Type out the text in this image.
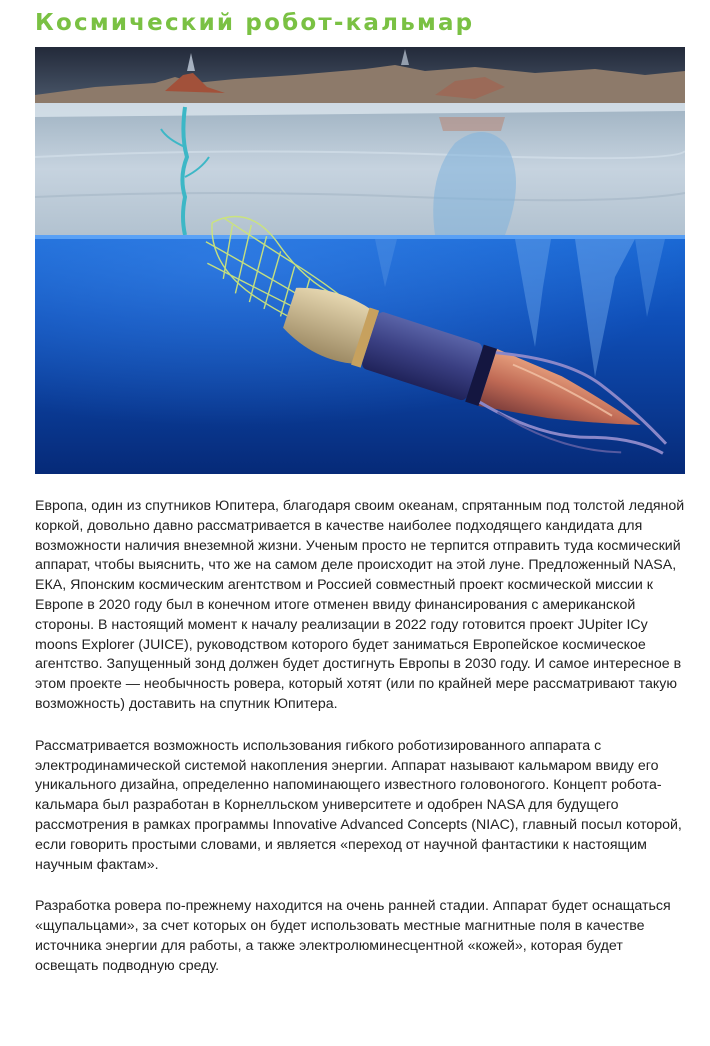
Космический робот-кальмар

Европа, один из спутников Юпитера, благодаря своим океанам, спрятанным под толстой ледяной коркой, довольно давно рассматривается в качестве наиболее подходящего кандидата для возможности наличия внеземной жизни. Ученым просто не терпится отправить туда космический аппарат, чтобы выяснить, что же на самом деле происходит на этой луне. Предложенный NASA, ЕКА, Японским космическим агентством и Россией совместный проект космической миссии к Европе в 2020 году был в конечном итоге отменен ввиду финансирования с американской стороны. В настоящий момент к началу реализации в 2022 году готовится проект JUpiter ICy moons Explorer (JUICE), руководством которого будет заниматься Европейское космическое агентство. Запущенный зонд должен будет достигнуть Европы в 2030 году. И самое интересное в этом проекте — необычность ровера, который хотят (или по крайней мере рассматривают такую возможность) доставить на спутник Юпитера.

Рассматривается возможность использования гибкого роботизированного аппарата с электродинамической системой накопления энергии. Аппарат называют кальмаром ввиду его уникального дизайна, определенно напоминающего известного головоногого. Концепт робота-кальмара был разработан в Корнелльском университете и одобрен NASA для будущего рассмотрения в рамках программы Innovative Advanced Concepts (NIAC), главный посыл которой, если говорить простыми словами, и является «переход от научной фантастики к настоящим научным фактам».

Разработка ровера по-прежнему находится на очень ранней стадии. Аппарат будет оснащаться «щупальцами», за счет которых он будет использовать местные магнитные поля в качестве источника энергии для работы, а также электролюминесцентной «кожей», которая будет освещать подводную среду.
